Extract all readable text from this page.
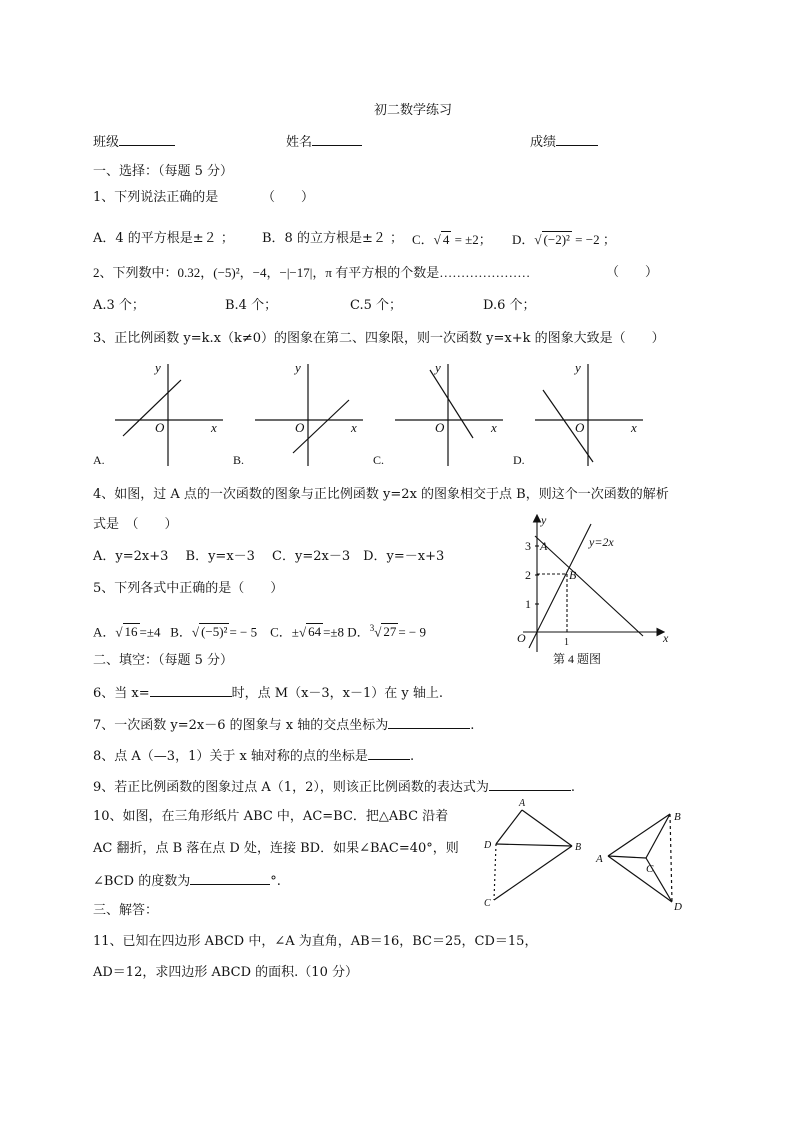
初二数学练习
班级	姓名	成绩
一、选择：（每题 5 分）
1、下列说法正确的是	（　　）
A．4 的平方根是±２ ； B．8 的立方根是±２ ； C．√ 4 = ±2； D．√ (−2)² = −2 ；
2、下列数中：0.32，(−5)²，−4，−|−17|，π 有平方根的个数是…………………	（　　）
A.3 个；	B.4 个；	C.5 个；	D.6 个；
3、正比例函数 y=k.x（k≠0）的图象在第二、四象限，则一次函数 y=x+k 的图象大致是（　　）
y
x
O
y
x
O
y
x
O
y
x
O
A.	B.	C.	D.
4、如图，过 A 点的一次函数的图象与正比例函数 y=2x 的图象相交于点 B，则这个一次函数的解析
式是　（　　）
A．y=2x+3　 B．y=x－3　 C．y=2x－3　D．y=－x+3
y
x
y=2x
A
B
3
2
1
1
O
第 4 题图
5、下列各式中正确的是（　　）
A．√ 16 =±4 B．√ (−5)² = − 5 C．±√ 64 =±8 D．$^3$√ 27 = − 9
二、填空：（每题 5 分）
6、当 x=	时，点 M（x－3，x－1）在 y 轴上.
7、一次函数 y=2x－6 的图象与 x 轴的交点坐标为	.
8、点 A（—3，1）关于 x 轴对称的点的坐标是	.
9、若正比例函数的图象过点 A（1，2），则该正比例函数的表达式为	.
10、如图，在三角形纸片 ABC 中，AC=BC．把△ABC 沿着
AC 翻折，点 B 落在点 D 处，连接 BD．如果∠BAC=40°，则
∠BCD 的度数为	°.
A
B
D
C
A
B
C
D
三、解答：
11、已知在四边形 ABCD 中，∠A 为直角，AB＝16，BC＝25，CD＝15，
AD＝12，求四边形 ABCD 的面积.（10 分）
